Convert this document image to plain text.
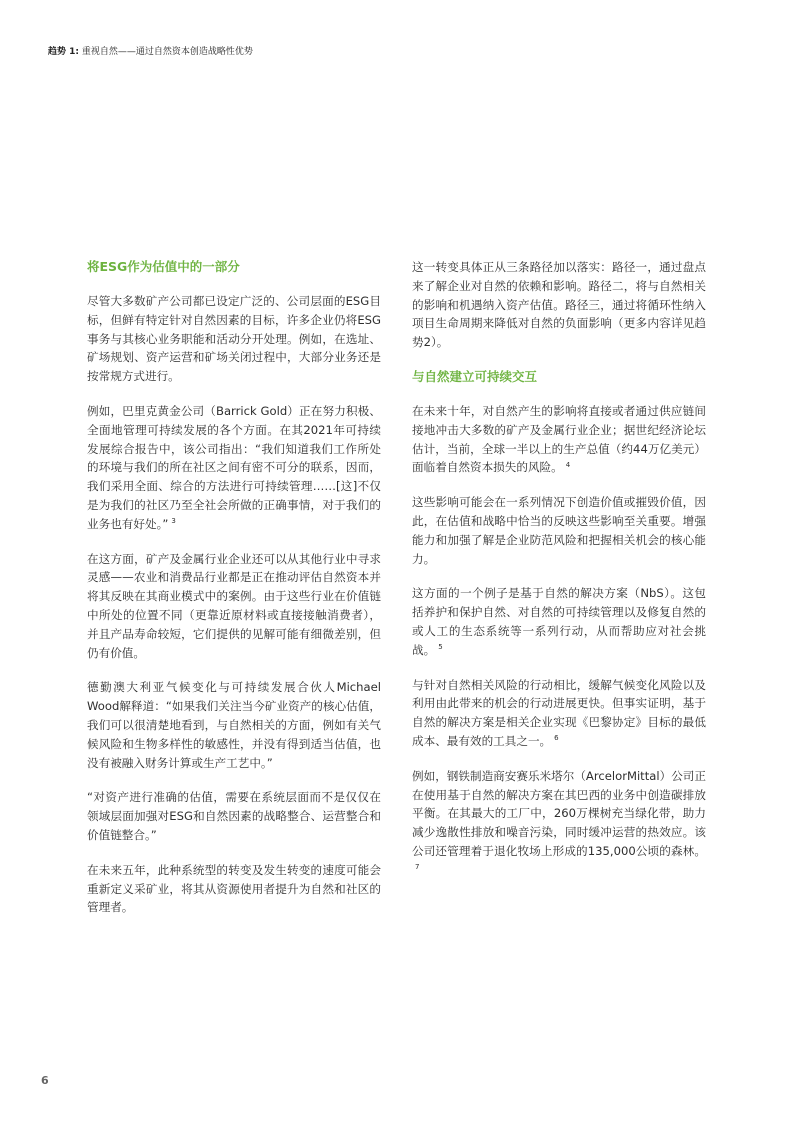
趋势 1: 重视自然——通过自然资本创造战略性优势
将ESG作为估值中的一部分

尽管大多数矿产公司都已设定广泛的、公司层面的ESG目标，但鲜有特定针对自然因素的目标，许多企业仍将ESG事务与其核心业务职能和活动分开处理。例如，在选址、矿场规划、资产运营和矿场关闭过程中，大部分业务还是按常规方式进行。

例如，巴里克黄金公司（Barrick Gold）正在努力积极、全面地管理可持续发展的各个方面。在其2021年可持续发展综合报告中，该公司指出：“我们知道我们工作所处的环境与我们的所在社区之间有密不可分的联系，因而，我们采用全面、综合的方法进行可持续管理……[这]不仅是为我们的社区乃至全社会所做的正确事情，对于我们的业务也有好处。” $^3$

在这方面，矿产及金属行业企业还可以从其他行业中寻求灵感——农业和消费品行业都是正在推动评估自然资本并将其反映在其商业模式中的案例。由于这些行业在价值链中所处的位置不同（更靠近原材料或直接接触消费者），并且产品寿命较短，它们提供的见解可能有细微差别，但仍有价值。

德勤澳大利亚气候变化与可持续发展合伙人Michael Wood解释道：“如果我们关注当今矿业资产的核心估值，我们可以很清楚地看到，与自然相关的方面，例如有关气候风险和生物多样性的敏感性，并没有得到适当估值，也没有被融入财务计算或生产工艺中。”

“对资产进行准确的估值，需要在系统层面而不是仅仅在领域层面加强对ESG和自然因素的战略整合、运营整合和价值链整合。”

在未来五年，此种系统型的转变及发生转变的速度可能会重新定义采矿业，将其从资源使用者提升为自然和社区的管理者。

这一转变具体正从三条路径加以落实：路径一，通过盘点来了解企业对自然的依赖和影响。路径二，将与自然相关的影响和机遇纳入资产估值。路径三，通过将循环性纳入项目生命周期来降低对自然的负面影响（更多内容详见趋势2）。

与自然建立可持续交互

在未来十年，对自然产生的影响将直接或者通过供应链间接地冲击大多数的矿产及金属行业企业；据世纪经济论坛估计，当前，全球一半以上的生产总值（约44万亿美元）面临着自然资本损失的风险。 $^4$

这些影响可能会在一系列情况下创造价值或摧毁价值，因此，在估值和战略中恰当的反映这些影响至关重要。增强能力和加强了解是企业防范风险和把握相关机会的核心能力。

这方面的一个例子是基于自然的解决方案（NbS）。这包括养护和保护自然、对自然的可持续管理以及修复自然的或人工的生态系统等一系列行动，从而帮助应对社会挑战。 $^5$

与针对自然相关风险的行动相比，缓解气候变化风险以及利用由此带来的机会的行动进展更快。但事实证明，基于自然的解决方案是相关企业实现《巴黎协定》目标的最低成本、最有效的工具之一。 $^6$

例如，钢铁制造商安赛乐米塔尔（ArcelorMittal）公司正在使用基于自然的解决方案在其巴西的业务中创造碳排放平衡。在其最大的工厂中，260万棵树充当绿化带，助力减少逸散性排放和噪音污染，同时缓冲运营的热效应。该公司还管理着于退化牧场上形成的135,000公顷的森林。$^7$

6
